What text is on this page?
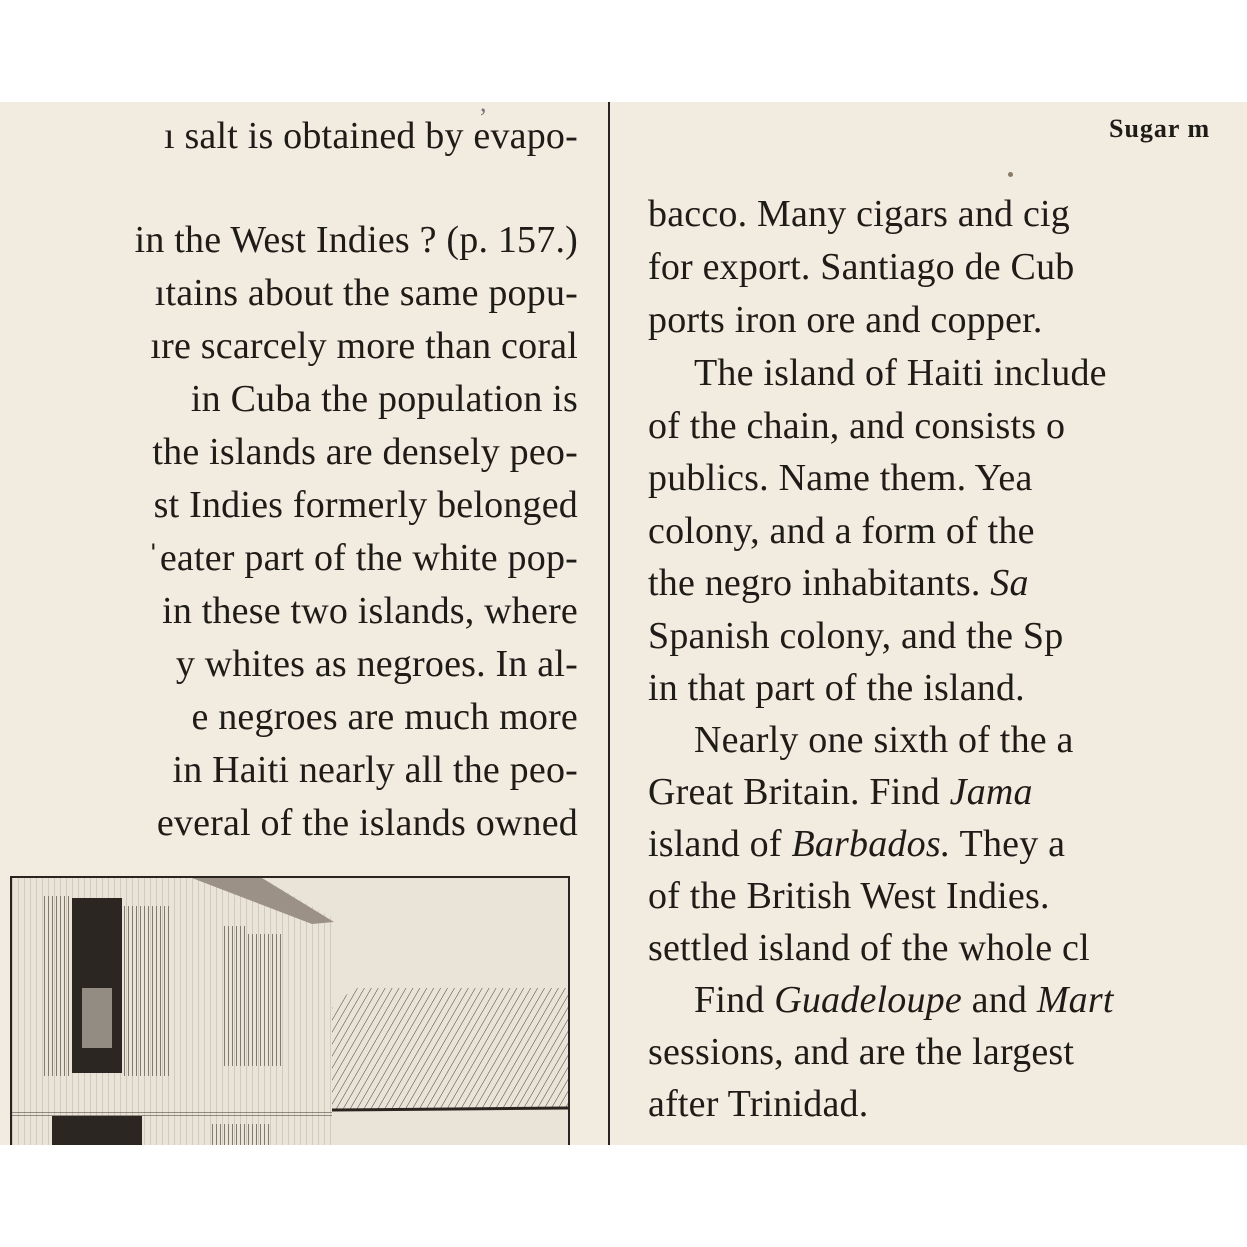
,
ı salt is obtained by evapo-
in the West Indies ? (p. 157.)
ıtains about the same popu-
ıre scarcely more than coral
in Cuba the population is
the islands are densely peo-
st Indies formerly belonged
ˈeater part of the white pop-
in these two islands, where
y whites as negroes. In al-
e negroes are much more
in Haiti nearly all the peo-
everal of the islands owned
Sugar m
bacco. Many cigars and cig
for export. Santiago de Cub
ports iron ore and copper.
The island of Haiti include
of the chain, and consists o
publics. Name them. Yea
colony, and a form of the
the negro inhabitants. Sa
Spanish colony, and the Sp
in that part of the island.
Nearly one sixth of the a
Great Britain. Find Jama
island of Barbados. They a
of the British West Indies.
settled island of the whole cl
Find Guadeloupe and Mart
sessions, and are the largest
after Trinidad.
